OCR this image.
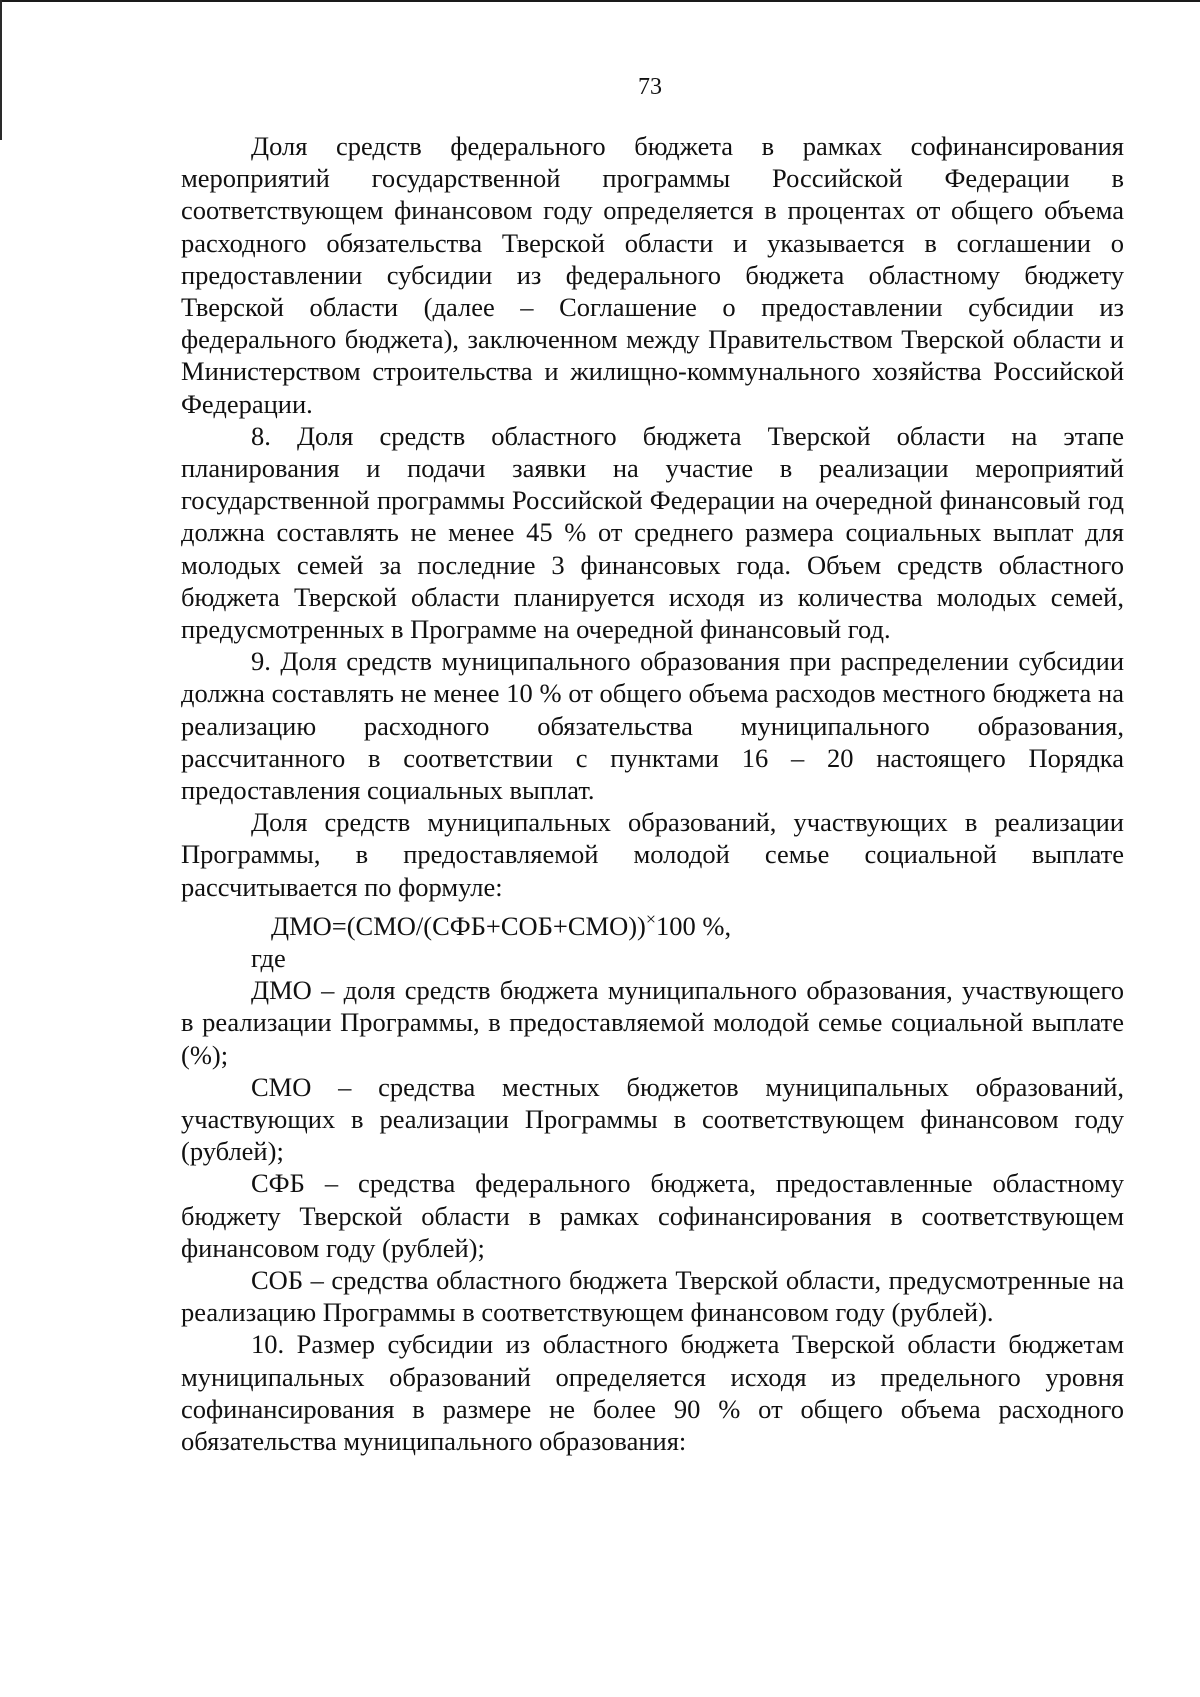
73

Доля средств федерального бюджета в рамках софинансирования мероприятий государственной программы Российской Федерации в соответствующем финансовом году определяется в процентах от общего объема расходного обязательства Тверской области и указывается в соглашении о предоставлении субсидии из федерального бюджета областному бюджету Тверской области (далее – Соглашение о предоставлении субсидии из федерального бюджета), заключенном между Правительством Тверской области и Министерством строительства и жилищно-коммунального хозяйства Российской Федерации.

8. Доля средств областного бюджета Тверской области на этапе планирования и подачи заявки на участие в реализации мероприятий государственной программы Российской Федерации на очередной финансовый год должна составлять не менее 45 % от среднего размера социальных выплат для молодых семей за последние 3 финансовых года. Объем средств областного бюджета Тверской области планируется исходя из количества молодых семей, предусмотренных в Программе на очередной финансовый год.

9. Доля средств муниципального образования при распределении субсидии должна составлять не менее 10 % от общего объема расходов местного бюджета на реализацию расходного обязательства муниципального образования, рассчитанного в соответствии с пунктами 16 – 20 настоящего Порядка предоставления социальных выплат.

Доля средств муниципальных образований, участвующих в реализации Программы, в предоставляемой молодой семье социальной выплате рассчитывается по формуле:

ДМО=(СМО/(СФБ+СОБ+СМО))×100 %,

где

ДМО – доля средств бюджета муниципального образования, участвующего в реализации Программы, в предоставляемой молодой семье социальной выплате (%);

СМО – средства местных бюджетов муниципальных образований, участвующих в реализации Программы в соответствующем финансовом году (рублей);

СФБ – средства федерального бюджета, предоставленные областному бюджету Тверской области в рамках софинансирования в соответствующем финансовом году (рублей);

СОБ – средства областного бюджета Тверской области, предусмотренные на реализацию Программы в соответствующем финансовом году (рублей).

10. Размер субсидии из областного бюджета Тверской области бюджетам муниципальных образований определяется исходя из предельного уровня софинансирования в размере не более 90 % от общего объема расходного обязательства муниципального образования:
